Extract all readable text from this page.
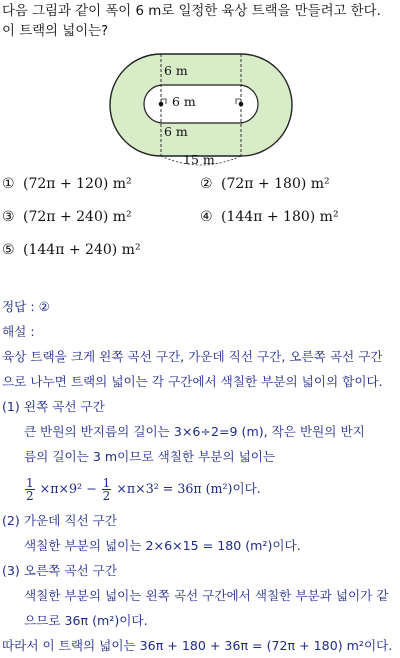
다음 그림과 같이 폭이 6 m로 일정한 육상 트랙을 만들려고 한다.
이 트랙의 넓이는?
6 m
6 m
6 m
15 m
① (72π + 120) m²	② (72π + 180) m²
③ (72π + 240) m²	④ (144π + 180) m²
⑤ (144π + 240) m²
정답 : ②
해설 :
육상 트랙을 크게 왼쪽 곡선 구간, 가운데 직선 구간, 오른쪽 곡선 구간
으로 나누면 트랙의 넓이는 각 구간에서 색칠한 부분의 넓이의 합이다.
(1) 왼쪽 곡선 구간
큰 반원의 반지름의 길이는 3×6÷2=9 (m), 작은 반원의 반지
름의 길이는 3 m이므로 색칠한 부분의 넓이는
$\frac{1}{2} \times\pi\times 9^2 - \frac{1}{2} \times\pi\times 3^2 = 36\pi$ (m²)이다.
(2) 가운데 직선 구간
색칠한 부분의 넓이는 2×6×15 = 180 (m²)이다.
(3) 오른쪽 곡선 구간
색칠한 부분의 넓이는 왼쪽 곡선 구간에서 색칠한 부분과 넓이가 같
으므로 36π (m²)이다.
따라서 이 트랙의 넓이는 36π + 180 + 36π = (72π + 180) m²이다.
